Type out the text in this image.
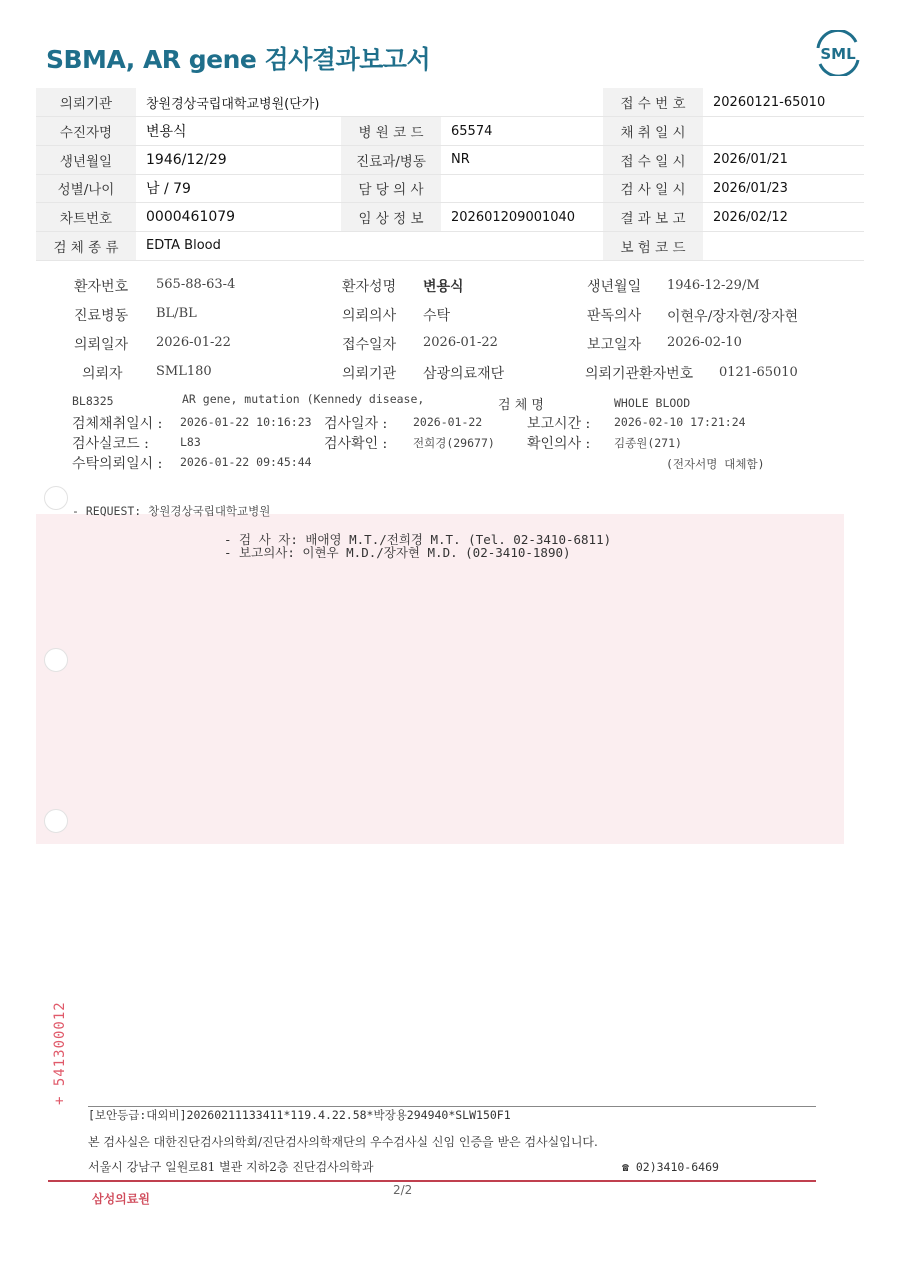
SBMA, AR gene 검사결과보고서	SML
의뢰기관	창원경상국립대학교병원(단가)			접 수 번 호	20260121-65010
수진자명	변용식	병 원 코 드	65574	채 취 일 시	
생년월일	1946/12/29	진료과/병동	NR	접 수 일 시	2026/01/21
성별/나이	남 / 79	담 당 의 사		검 사 일 시	2026/01/23
차트번호	0000461079	임 상 정 보	202601209001040	결 과 보 고	2026/02/12
검 체 종 류	EDTA Blood			보 험 코 드	
환자번호 565-88-63-4	환자성명 변용식	생년월일 1946-12-29/M
진료병동 BL/BL	의뢰의사 수탁	판독의사 이현우/장자현/장자현
의뢰일자 2026-01-22	접수일자 2026-01-22	보고일자 2026-02-10
의뢰자	SML180	의뢰기관 삼광의료재단	의뢰기관환자번호 0121-65010
BL8325	AR gene, mutation (Kennedy disease,	검 체 명	WHOLE BLOOD
검체채취일시 : 2026-01-22 10:16:23 검사일자 : 2026-01-22	보고시간 : 2026-02-10 17:21:24
검사실코드 :	L83	검사확인 : 전희경(29677) 확인의사 : 김종원(271)
수탁의뢰일시 : 2026-01-22 09:45:44	(전자서명 대체함)
- REQUEST: 창원경상국립대학교병원
- 검 사 자: 배애영 M.T./전희경 M.T. (Tel. 02-3410-6811)
- 보고의사: 이현우 M.D./장자현 M.D. (02-3410-1890)
+ 541300012
[보안등급:대외비]20260211133411*119.4.22.58*박장용294940*SLW150F1
본 검사실은 대한진단검사의학회/진단검사의학재단의 우수검사실 신임 인증을 받은 검사실입니다.
서울시 강남구 일원로81 별관 지하2층 진단검사의학과	☎ 02)3410-6469
삼성의료원
2/2
